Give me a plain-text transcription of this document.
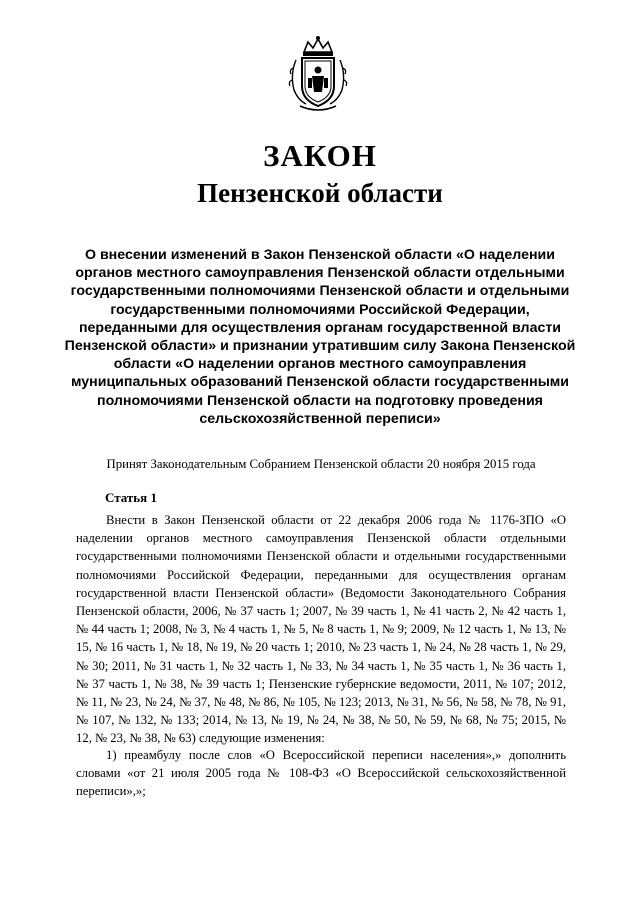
ЗАКОН
Пензенской области

О внесении изменений в Закон Пензенской области «О наделении органов местного самоуправления Пензенской области отдельными государственными полномочиями Пензенской области и отдельными государственными полномочиями Российской Федерации, переданными для осуществления органам государственной власти Пензенской области» и признании утратившим силу Закона Пензенской области «О наделении органов местного самоуправления муниципальных образований Пензенской области государственными полномочиями Пензенской области на подготовку проведения сельскохозяйственной переписи»

Принят Законодательным Собранием Пензенской области 20 ноября 2015 года
Статья 1

Внести в Закон Пензенской области от 22 декабря 2006 года № 1176-ЗПО «О наделении органов местного самоуправления Пензенской области отдельными государственными полномочиями Пензенской области и отдельными государственными полномочиями Российской Федерации, переданными для осуществления органам государственной власти Пензенской области» (Ведомости Законодательного Собрания Пензенской области, 2006, № 37 часть 1; 2007, № 39 часть 1, № 41 часть 2, № 42 часть 1, № 44 часть 1; 2008, № 3, № 4 часть 1, № 5, № 8 часть 1, № 9; 2009, № 12 часть 1, № 13, № 15, № 16 часть 1, № 18, № 19, № 20 часть 1; 2010, № 23 часть 1, № 24, № 28 часть 1, № 29, № 30; 2011, № 31 часть 1, № 32 часть 1, № 33, № 34 часть 1, № 35 часть 1, № 36 часть 1, № 37 часть 1, № 38, № 39 часть 1; Пензенские губернские ведомости, 2011, № 107; 2012, № 11, № 23, № 24, № 37, № 48, № 86, № 105, № 123; 2013, № 31, № 56, № 58, № 78, № 91, № 107, № 132, № 133; 2014, № 13, № 19, № 24, № 38, № 50, № 59, № 68, № 75; 2015, № 12, № 23, № 38, № 63) следующие изменения:

1) преамбулу после слов «О Всероссийской переписи населения»,» дополнить словами «от 21 июля 2005 года № 108-ФЗ «О Всероссийской сельскохозяйственной переписи»,»;
